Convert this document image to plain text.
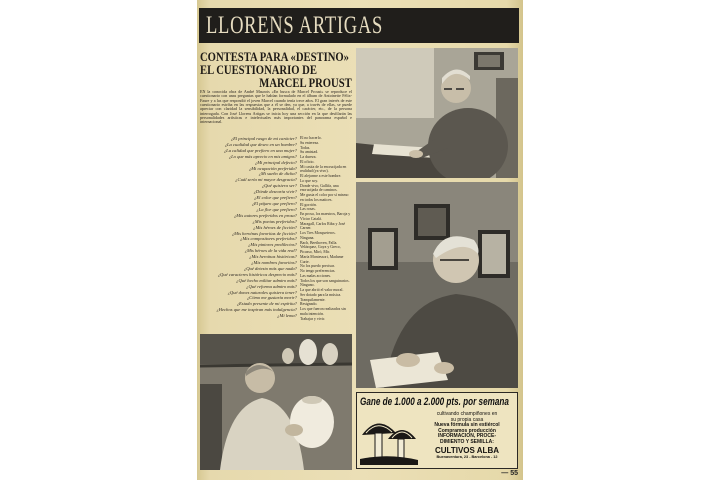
LLORENS ARTIGAS
CONTESTA PARA «DESTINO»
EL CUESTIONARIO DE
MARCEL PROUST
EN la conocida obra de André Maurois «En busca de Marcel Proust» se reproduce el cuestionario con unas preguntas que le habían formulado en el álbum de Antoinette Félix-Faure y a las que respondió el joven Marcel cuando tenía trece años. El gran interés de este cuestionario estriba en las respuestas que a él se den, ya que, a través de ellas, se puede apreciar con claridad la sensibilidad, la personalidad, el carácter, etc., de la persona interrogada. Con José Llorens Artigas se inicia hoy una sección en la que desfilarán las personalidades artísticas e intelectuales más importantes del panorama español e internacional.
¿El principal rasgo de mi carácter?
¿La cualidad que deseo en un hombre?
¿La calidad que prefiero en una mujer?
¿Lo que más aprecio en mis amigos?
¿Mi principal defecto?
¿Mi ocupación preferida?
¿Mi sueño de dicha?
¿Cuál sería mi mayor desgracia?
¿Qué quisiera ser?
¿Dónde desearía vivir?
¿El color que prefiero?
¿El pájaro que prefiero?
¿La flor que prefiero?
¿Mis autores preferidos en prosa?
¿Mis poetas preferidos?
¿Mis héroes de ficción?
¿Mis heroínas favoritas de ficción?
¿Mis compositores preferidos?
¿Mis pintores predilectos?
¿Mis héroes de la vida real?
¿Mis heroínas históricas?
¿Mis nombres favoritos?
¿Qué detesto más que nada?
¿Qué caracteres históricos desprecio más?
¿Qué hecho militar admiro más?
¿Qué reforma admiro más?
¿Qué dones naturales quisiera tener?
¿Cómo me gustaría morir?
¿Estado presente de mi espíritu?
¿Hechos que me inspiran más indulgencia?
¿Mi lema?
El no hacerlo.
Su entereza.
Todas.
Su amistad.
La dureza.
El oficio.
Mi casita de la encrucijada en realidad (ya vivo).
El alejarme a este hombre.
Lo que soy.
Donde vivo, Gallifa, una encrucijada de caminos.
Me gusta el color por sí mismo en todos los matices.
El gorrión.
Las rosas.
En prosa, los maestros, Baroja y Víctor Catalá.
Maragall, Carlos Riba y José Carner.
Los Tres Mosqueteros.
Ninguna.
Bach, Beethoven, Falla.
Velázquez, Goya y Greco, Picasso, Miró, Mir.
María Montessori, Madame Curie.
No los puedo precisar.
No tengo preferencias.
Las malas acciones.
Todos los que son sanguinarios.
Ninguno.
La que abrió el valor moral.
Ser dotado para la música.
Tranquilamente.
Resignado.
Los que fueron realizados sin mala intención.
Trabajar y vivir.
Gane de 1.000 a 2.000 pts. por semana
cultivando champiñones en
su propia casa
Nueva fórmula sin estiércol
Compramos producción
INFORMACION, PROCE-
DIMIENTO Y SEMILLA:
CULTIVOS ALBA
Buenaventura, 23 - Barcelona - 12
— 55
